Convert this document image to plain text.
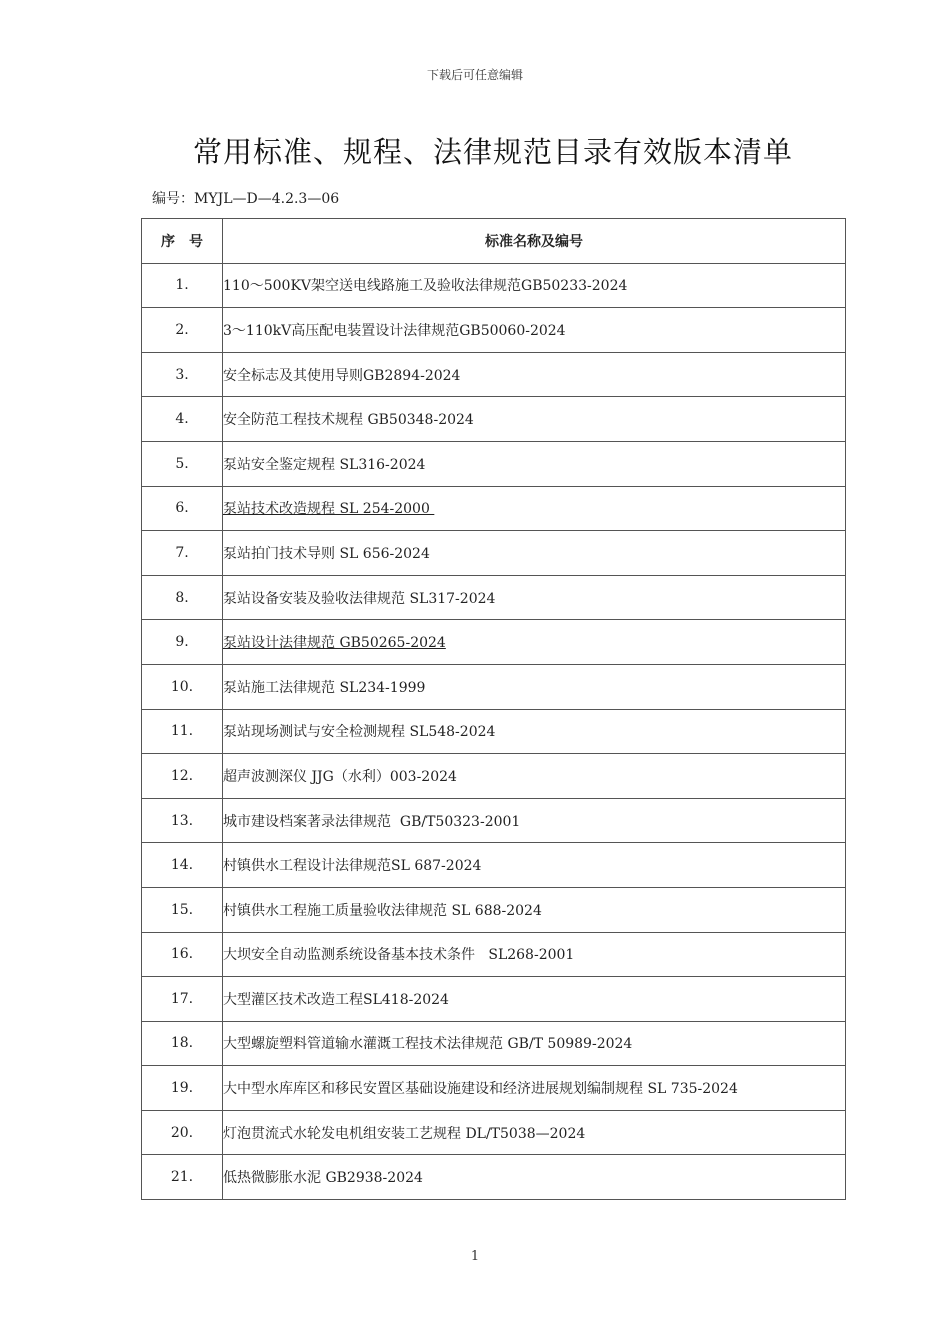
下载后可任意编辑
常用标准、规程、法律规范目录有效版本清单
编号：MYJL—D—4.2.3—06
序　号	标准名称及编号
1.	110～500KV架空送电线路施工及验收法律规范GB50233-2024
2.	3～110kV高压配电装置设计法律规范GB50060-2024
3.	安全标志及其使用导则GB2894-2024
4.	安全防范工程技术规程 GB50348-2024
5.	泵站安全鉴定规程 SL316-2024
6.	泵站技术改造规程 SL 254-2000
7.	泵站拍门技术导则 SL 656-2024
8.	泵站设备安装及验收法律规范 SL317-2024
9.	泵站设计法律规范 GB50265-2024
10.	泵站施工法律规范 SL234-1999
11.	泵站现场测试与安全检测规程 SL548-2024
12.	超声波测深仪 JJG（水利）003-2024
13.	城市建设档案著录法律规范  GB/T50323-2001
14.	村镇供水工程设计法律规范SL 687-2024
15.	村镇供水工程施工质量验收法律规范 SL 688-2024
16.	大坝安全自动监测系统设备基本技术条件   SL268-2001
17.	大型灌区技术改造工程SL418-2024
18.	大型螺旋塑料管道输水灌溉工程技术法律规范 GB/T 50989-2024
19.	大中型水库库区和移民安置区基础设施建设和经济进展规划编制规程 SL 735-2024
20.	灯泡贯流式水轮发电机组安装工艺规程 DL/T5038—2024
21.	低热微膨胀水泥 GB2938-2024
1
